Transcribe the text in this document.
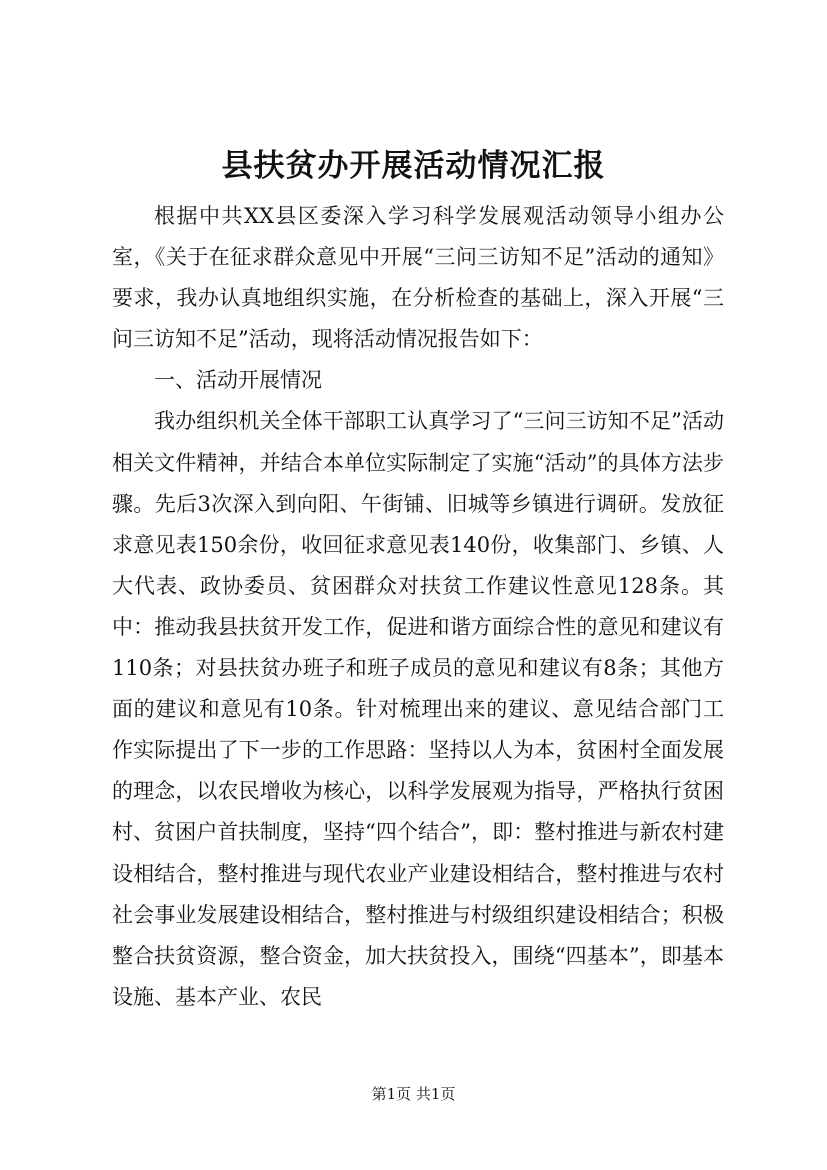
县扶贫办开展活动情况汇报

根据中共XX县区委深入学习科学发展观活动领导小组办公室，《关于在征求群众意见中开展“三问三访知不足”活动的通知》要求，我办认真地组织实施，在分析检查的基础上，深入开展“三问三访知不足”活动，现将活动情况报告如下：

一、活动开展情况

我办组织机关全体干部职工认真学习了“三问三访知不足”活动相关文件精神，并结合本单位实际制定了实施“活动”的具体方法步骤。先后3次深入到向阳、午街铺、旧城等乡镇进行调研。发放征求意见表150余份，收回征求意见表140份，收集部门、乡镇、人大代表、政协委员、贫困群众对扶贫工作建议性意见128条。其中：推动我县扶贫开发工作，促进和谐方面综合性的意见和建议有110条；对县扶贫办班子和班子成员的意见和建议有8条；其他方面的建议和意见有10条。针对梳理出来的建议、意见结合部门工作实际提出了下一步的工作思路：坚持以人为本，贫困村全面发展的理念，以农民增收为核心，以科学发展观为指导，严格执行贫困村、贫困户首扶制度，坚持“四个结合”，即：整村推进与新农村建设相结合，整村推进与现代农业产业建设相结合，整村推进与农村社会事业发展建设相结合，整村推进与村级组织建设相结合；积极整合扶贫资源，整合资金，加大扶贫投入，围绕“四基本”，即基本设施、基本产业、农民

第1页 共1页
